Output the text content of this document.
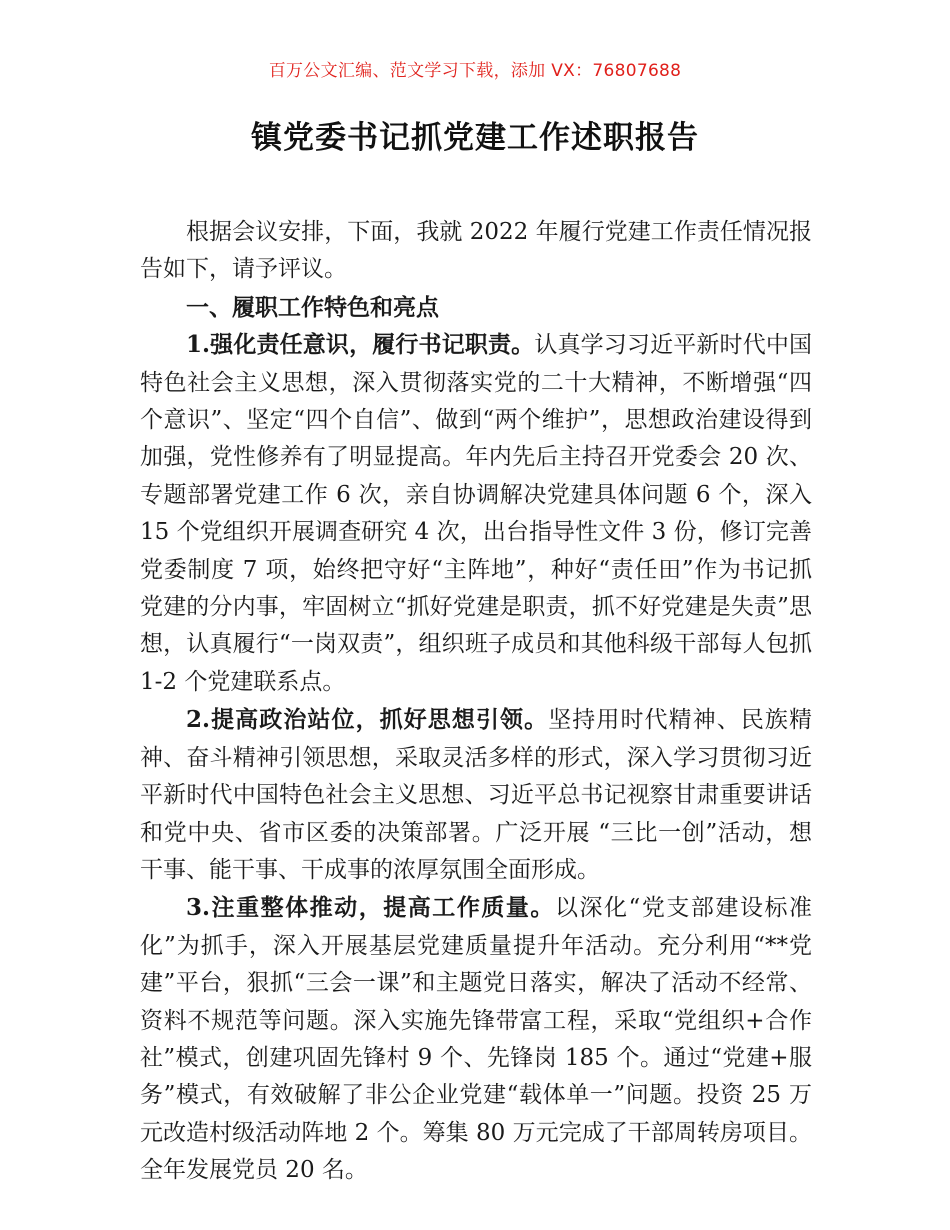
百万公文汇编、范文学习下载，添加 VX：76807688
镇党委书记抓党建工作述职报告

根据会议安排，下面，我就 2022 年履行党建工作责任情况报告如下，请予评议。

一、履职工作特色和亮点

1.强化责任意识，履行书记职责。认真学习习近平新时代中国特色社会主义思想，深入贯彻落实党的二十大精神，不断增强“四个意识”、坚定“四个自信”、做到“两个维护”，思想政治建设得到加强，党性修养有了明显提高。年内先后主持召开党委会 20 次、专题部署党建工作 6 次，亲自协调解决党建具体问题 6 个，深入 15 个党组织开展调查研究 4 次，出台指导性文件 3 份，修订完善党委制度 7 项，始终把守好“主阵地”，种好“责任田”作为书记抓党建的分内事，牢固树立“抓好党建是职责，抓不好党建是失责”思想，认真履行“一岗双责”，组织班子成员和其他科级干部每人包抓 1-2 个党建联系点。

2.提高政治站位，抓好思想引领。坚持用时代精神、民族精神、奋斗精神引领思想，采取灵活多样的形式，深入学习贯彻习近平新时代中国特色社会主义思想、习近平总书记视察甘肃重要讲话和党中央、省市区委的决策部署。广泛开展 “三比一创”活动，想干事、能干事、干成事的浓厚氛围全面形成。

3.注重整体推动，提高工作质量。以深化“党支部建设标准化”为抓手，深入开展基层党建质量提升年活动。充分利用“**党建”平台，狠抓“三会一课”和主题党日落实，解决了活动不经常、资料不规范等问题。深入实施先锋带富工程，采取“党组织+合作社”模式，创建巩固先锋村 9 个、先锋岗 185 个。通过“党建+服务”模式，有效破解了非公企业党建“载体单一”问题。投资 25 万元改造村级活动阵地 2 个。筹集 80 万元完成了干部周转房项目。全年发展党员 20 名。
